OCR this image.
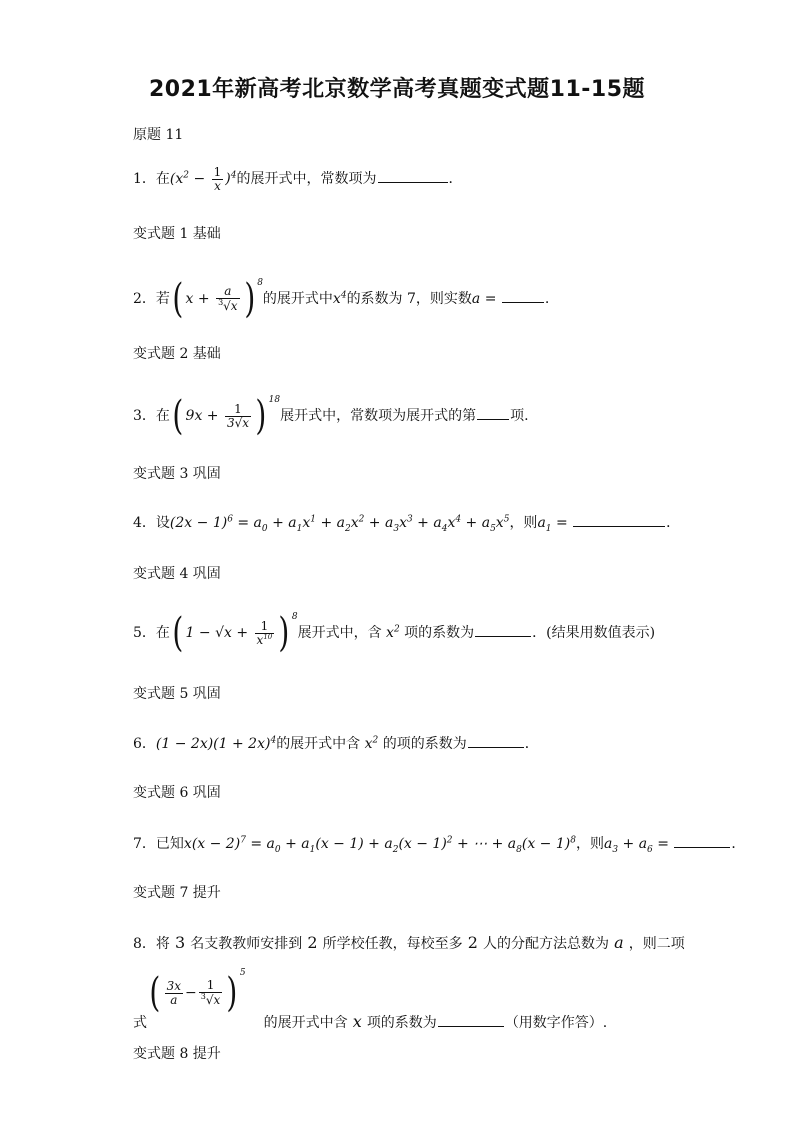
2021年新高考北京数学高考真题变式题11-15题
原题 11
1．在$(x^2 - \frac{1}{x} )^4$的展开式中，常数项为	．
变式题 1 基础
2．若( $x + \frac{a}{^3√x}$ ) $^8$的展开式中$x^4$的系数为 7，则实数a =	.
变式题 2 基础
3．在( $9x + \frac{1}{3√x}$ ) $^{18}$展开式中，常数项为展开式的第 项.
变式题 3 巩固
4．设$(2x - 1)^6 = a_0 + a_1x^1 + a_2x^2 + a_3x^3 + a_4x^4 + a_5x^5$，则$a_1$ =	．
变式题 4 巩固
5．在( $1 - √x + \frac{1}{x^{10}}$ ) $^8$展开式中，含 $x^2$ 项的系数为	．(结果用数值表示)
变式题 5 巩固
6．$(1 - 2x)(1 + 2x)^4$的展开式中含 $x^2$ 的项的系数为	．
变式题 6 巩固
7．已知$x(x - 2)^7 = a_0 + a_1(x - 1) + a_2(x - 1)^2$ + ⋯ + $a_8(x - 1)^8$，则$a_3 + a_6$ =	．
变式题 7 提升
8．将 3 名支教教师安排到 2 所学校任教，每校至多 2 人的分配方法总数为 a ，则二项
式( $\frac{3x}{a} - \frac{1}{^3√x}$ ) $^5$的展开式中含 x 项的系数为	（用数字作答）.
变式题 8 提升
